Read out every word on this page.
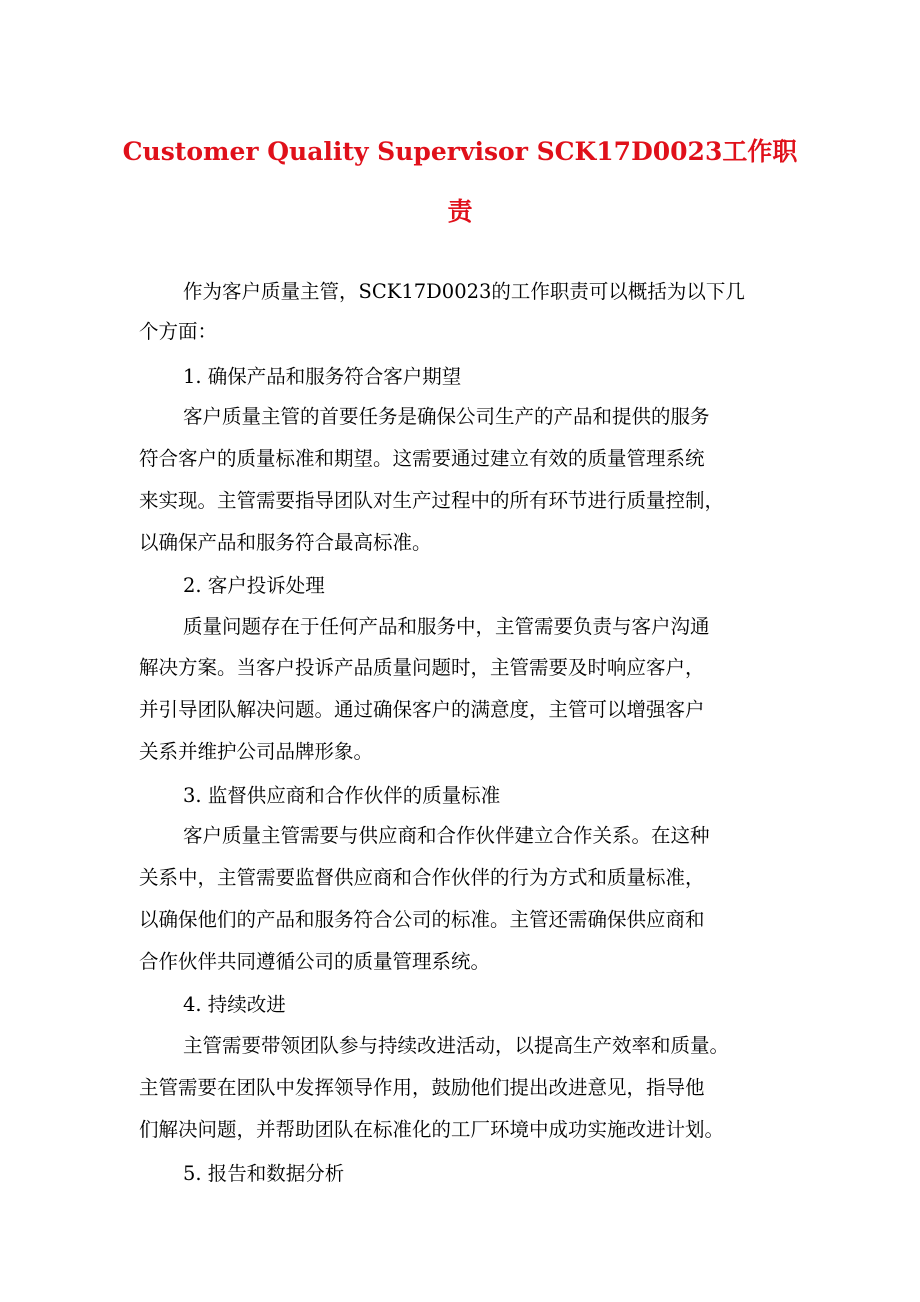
Customer Quality Supervisor SCK17D0023工作职
责
作为客户质量主管，SCK17D0023的工作职责可以概括为以下几
个方面：
1. 确保产品和服务符合客户期望
客户质量主管的首要任务是确保公司生产的产品和提供的服务
符合客户的质量标准和期望。这需要通过建立有效的质量管理系统
来实现。主管需要指导团队对生产过程中的所有环节进行质量控制，
以确保产品和服务符合最高标准。
2. 客户投诉处理
质量问题存在于任何产品和服务中，主管需要负责与客户沟通
解决方案。当客户投诉产品质量问题时，主管需要及时响应客户，
并引导团队解决问题。通过确保客户的满意度，主管可以增强客户
关系并维护公司品牌形象。
3. 监督供应商和合作伙伴的质量标准
客户质量主管需要与供应商和合作伙伴建立合作关系。在这种
关系中，主管需要监督供应商和合作伙伴的行为方式和质量标准，
以确保他们的产品和服务符合公司的标准。主管还需确保供应商和
合作伙伴共同遵循公司的质量管理系统。
4. 持续改进
主管需要带领团队参与持续改进活动，以提高生产效率和质量。
主管需要在团队中发挥领导作用，鼓励他们提出改进意见，指导他
们解决问题，并帮助团队在标准化的工厂环境中成功实施改进计划。
5. 报告和数据分析
